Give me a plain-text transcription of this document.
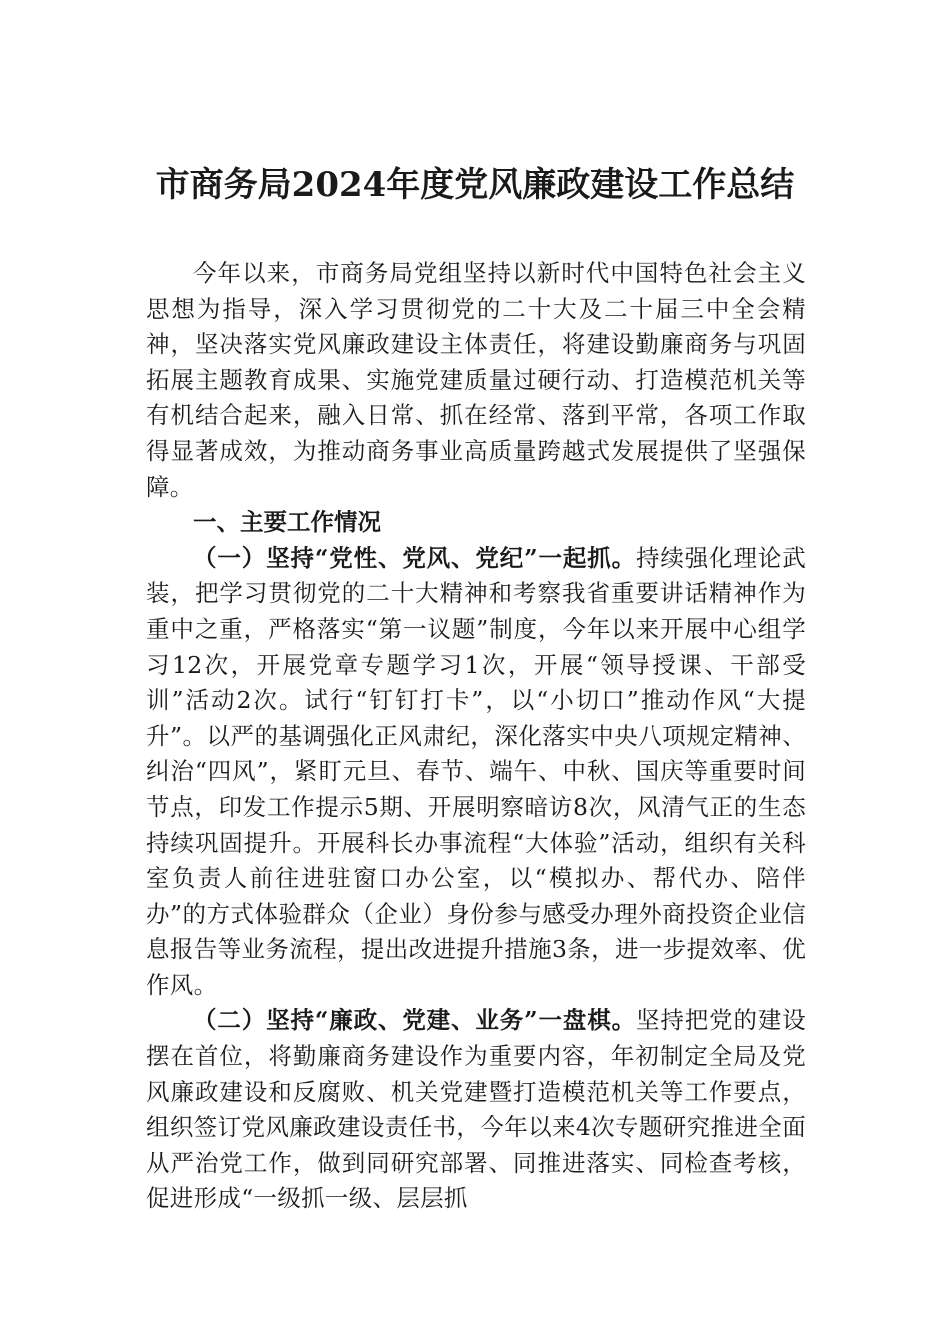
市商务局2024年度党风廉政建设工作总结

今年以来，市商务局党组坚持以新时代中国特色社会主义思想为指导，深入学习贯彻党的二十大及二十届三中全会精神，坚决落实党风廉政建设主体责任，将建设勤廉商务与巩固拓展主题教育成果、实施党建质量过硬行动、打造模范机关等有机结合起来，融入日常、抓在经常、落到平常，各项工作取得显著成效，为推动商务事业高质量跨越式发展提供了坚强保障。

一、主要工作情况

（一）坚持“党性、党风、党纪”一起抓。持续强化理论武装，把学习贯彻党的二十大精神和考察我省重要讲话精神作为重中之重，严格落实“第一议题”制度，今年以来开展中心组学习12次，开展党章专题学习1次，开展“领导授课、干部受训”活动2次。试行“钉钉打卡”，以“小切口”推动作风“大提升”。以严的基调强化正风肃纪，深化落实中央八项规定精神、纠治“四风”，紧盯元旦、春节、端午、中秋、国庆等重要时间节点，印发工作提示5期、开展明察暗访8次，风清气正的生态持续巩固提升。开展科长办事流程“大体验”活动，组织有关科室负责人前往进驻窗口办公室，以“模拟办、帮代办、陪伴办”的方式体验群众（企业）身份参与感受办理外商投资企业信息报告等业务流程，提出改进提升措施3条，进一步提效率、优作风。

（二）坚持“廉政、党建、业务”一盘棋。坚持把党的建设摆在首位，将勤廉商务建设作为重要内容，年初制定全局及党风廉政建设和反腐败、机关党建暨打造模范机关等工作要点，组织签订党风廉政建设责任书，今年以来4次专题研究推进全面从严治党工作，做到同研究部署、同推进落实、同检查考核，促进形成“一级抓一级、层层抓
